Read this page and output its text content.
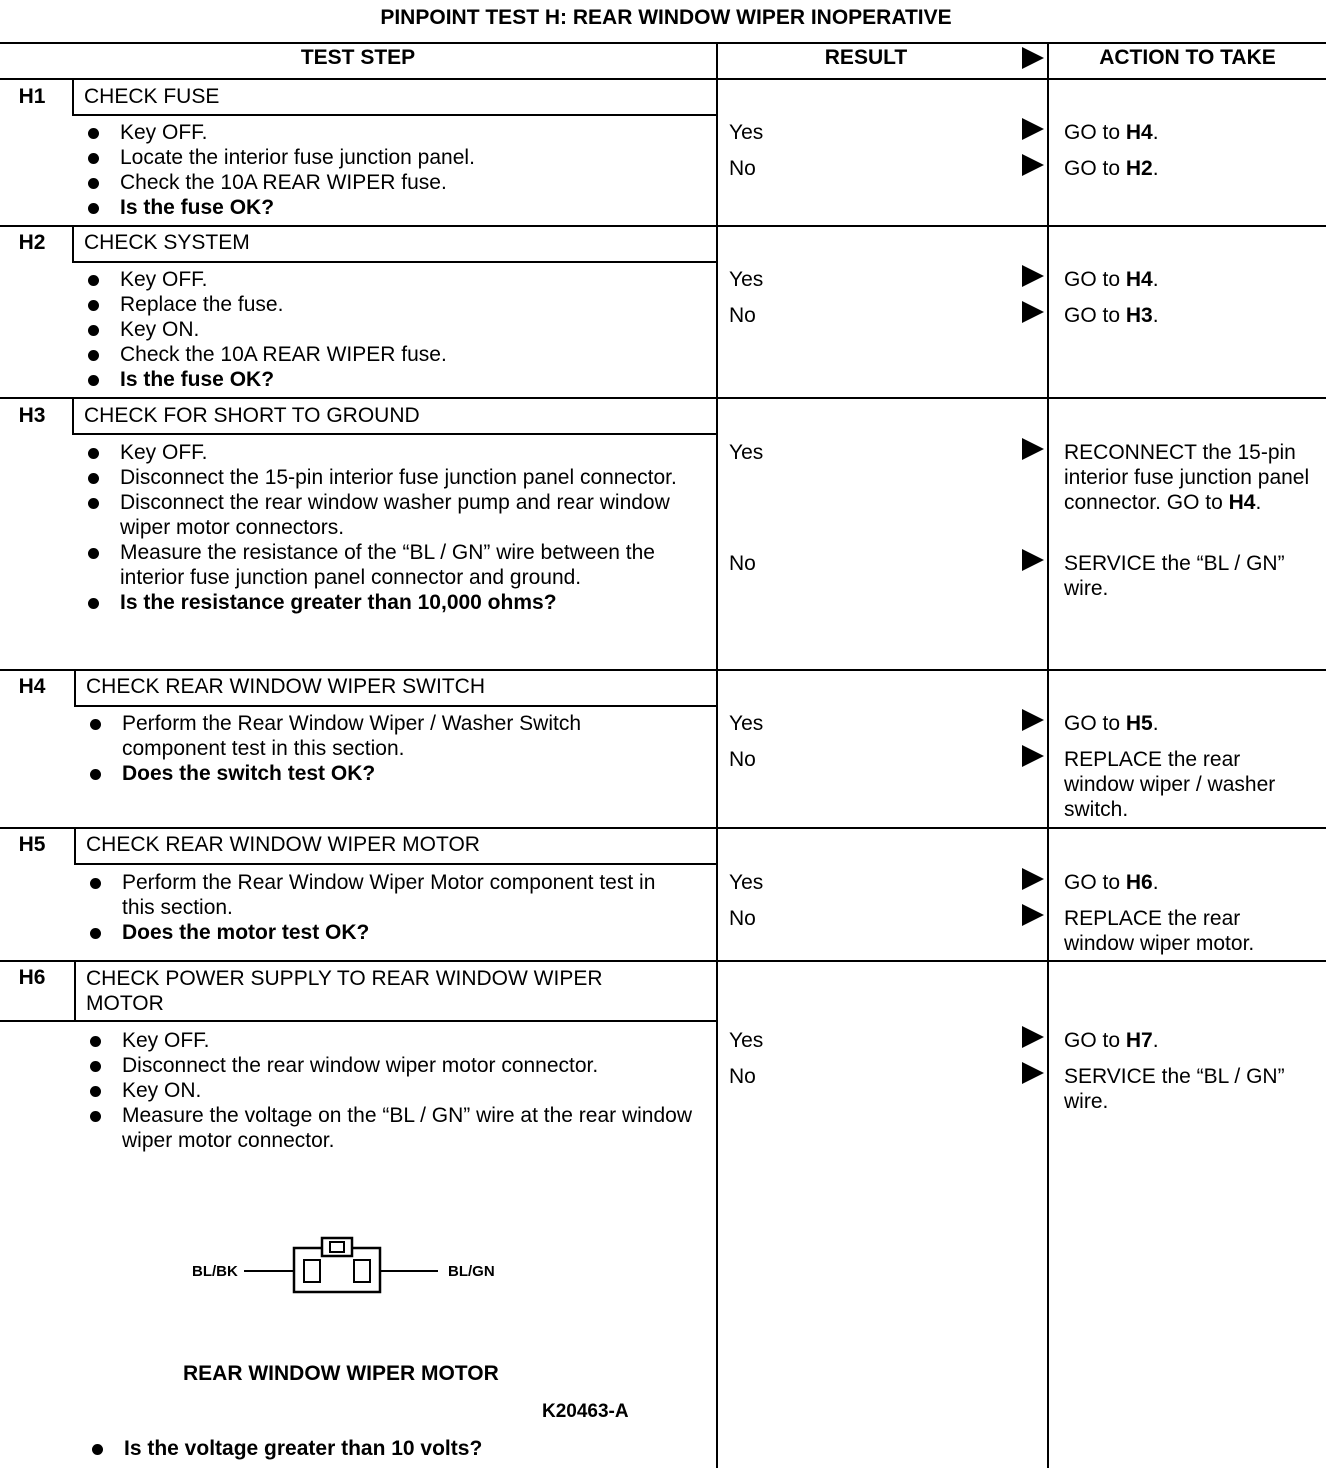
PINPOINT TEST H: REAR WINDOW WIPER INOPERATIVE
TEST STEP	RESULT	ACTION TO TAKE
H1	CHECK FUSE
Key OFF.
Locate the interior fuse junction panel.
Check the 10A REAR WIPER fuse.
Is the fuse OK?
Yes	GO to H4.
No	GO to H2.
H2	CHECK SYSTEM
Key OFF.
Replace the fuse.
Key ON.
Check the 10A REAR WIPER fuse.
Is the fuse OK?
Yes	GO to H4.
No	GO to H3.
H3	CHECK FOR SHORT TO GROUND
Key OFF.
Disconnect the 15-pin interior fuse junction panel connector.
Disconnect the rear window washer pump and rear window wiper motor connectors.
Measure the resistance of the “BL / GN” wire between the interior fuse junction panel connector and ground.
Is the resistance greater than 10,000 ohms?
Yes	RECONNECT the 15-pin interior fuse junction panel connector. GO to H4.
No	SERVICE the “BL / GN” wire.
H4	CHECK REAR WINDOW WIPER SWITCH
Perform the Rear Window Wiper / Washer Switch component test in this section.
Does the switch test OK?
Yes	GO to H5.
No	REPLACE the rear window wiper / washer switch.
H5	CHECK REAR WINDOW WIPER MOTOR
Perform the Rear Window Wiper Motor component test in this section.
Does the motor test OK?
Yes	GO to H6.
No	REPLACE the rear window wiper motor.
H6	CHECK POWER SUPPLY TO REAR WINDOW WIPER MOTOR
Key OFF.
Disconnect the rear window wiper motor connector.
Key ON.
Measure the voltage on the “BL / GN” wire at the rear window wiper motor connector.
BL/BK	BL/GN
REAR WINDOW WIPER MOTOR
K20463-A
Is the voltage greater than 10 volts?
Yes	GO to H7.
No	SERVICE the “BL / GN” wire.
